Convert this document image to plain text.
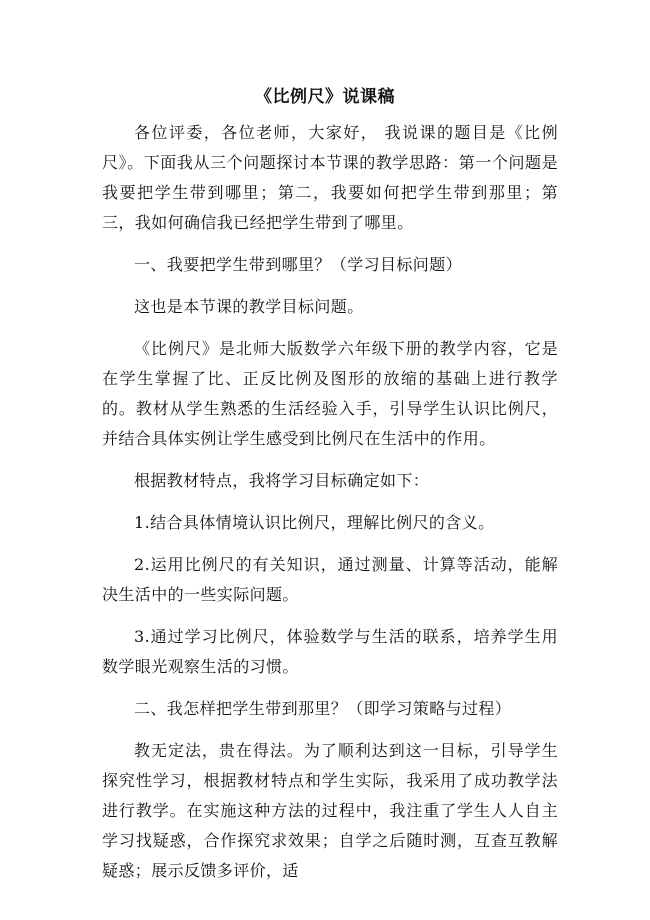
《比例尺》说课稿

各位评委，各位老师，大家好， 我说课的题目是《比例尺》。下面我从三个问题探讨本节课的教学思路：第一个问题是我要把学生带到哪里；第二，我要如何把学生带到那里；第三，我如何确信我已经把学生带到了哪里。

一、我要把学生带到哪里？（学习目标问题）

这也是本节课的教学目标问题。

《比例尺》是北师大版数学六年级下册的教学内容，它是在学生掌握了比、正反比例及图形的放缩的基础上进行教学的。教材从学生熟悉的生活经验入手，引导学生认识比例尺，并结合具体实例让学生感受到比例尺在生活中的作用。

根据教材特点，我将学习目标确定如下：

1.结合具体情境认识比例尺，理解比例尺的含义。

2.运用比例尺的有关知识，通过测量、计算等活动，能解决生活中的一些实际问题。

3.通过学习比例尺，体验数学与生活的联系，培养学生用数学眼光观察生活的习惯。

二、我怎样把学生带到那里？（即学习策略与过程）

教无定法，贵在得法。为了顺利达到这一目标，引导学生探究性学习，根据教材特点和学生实际，我采用了成功教学法进行教学。在实施这种方法的过程中，我注重了学生人人自主学习找疑惑，合作探究求效果；自学之后随时测，互查互教解疑惑；展示反馈多评价，适
